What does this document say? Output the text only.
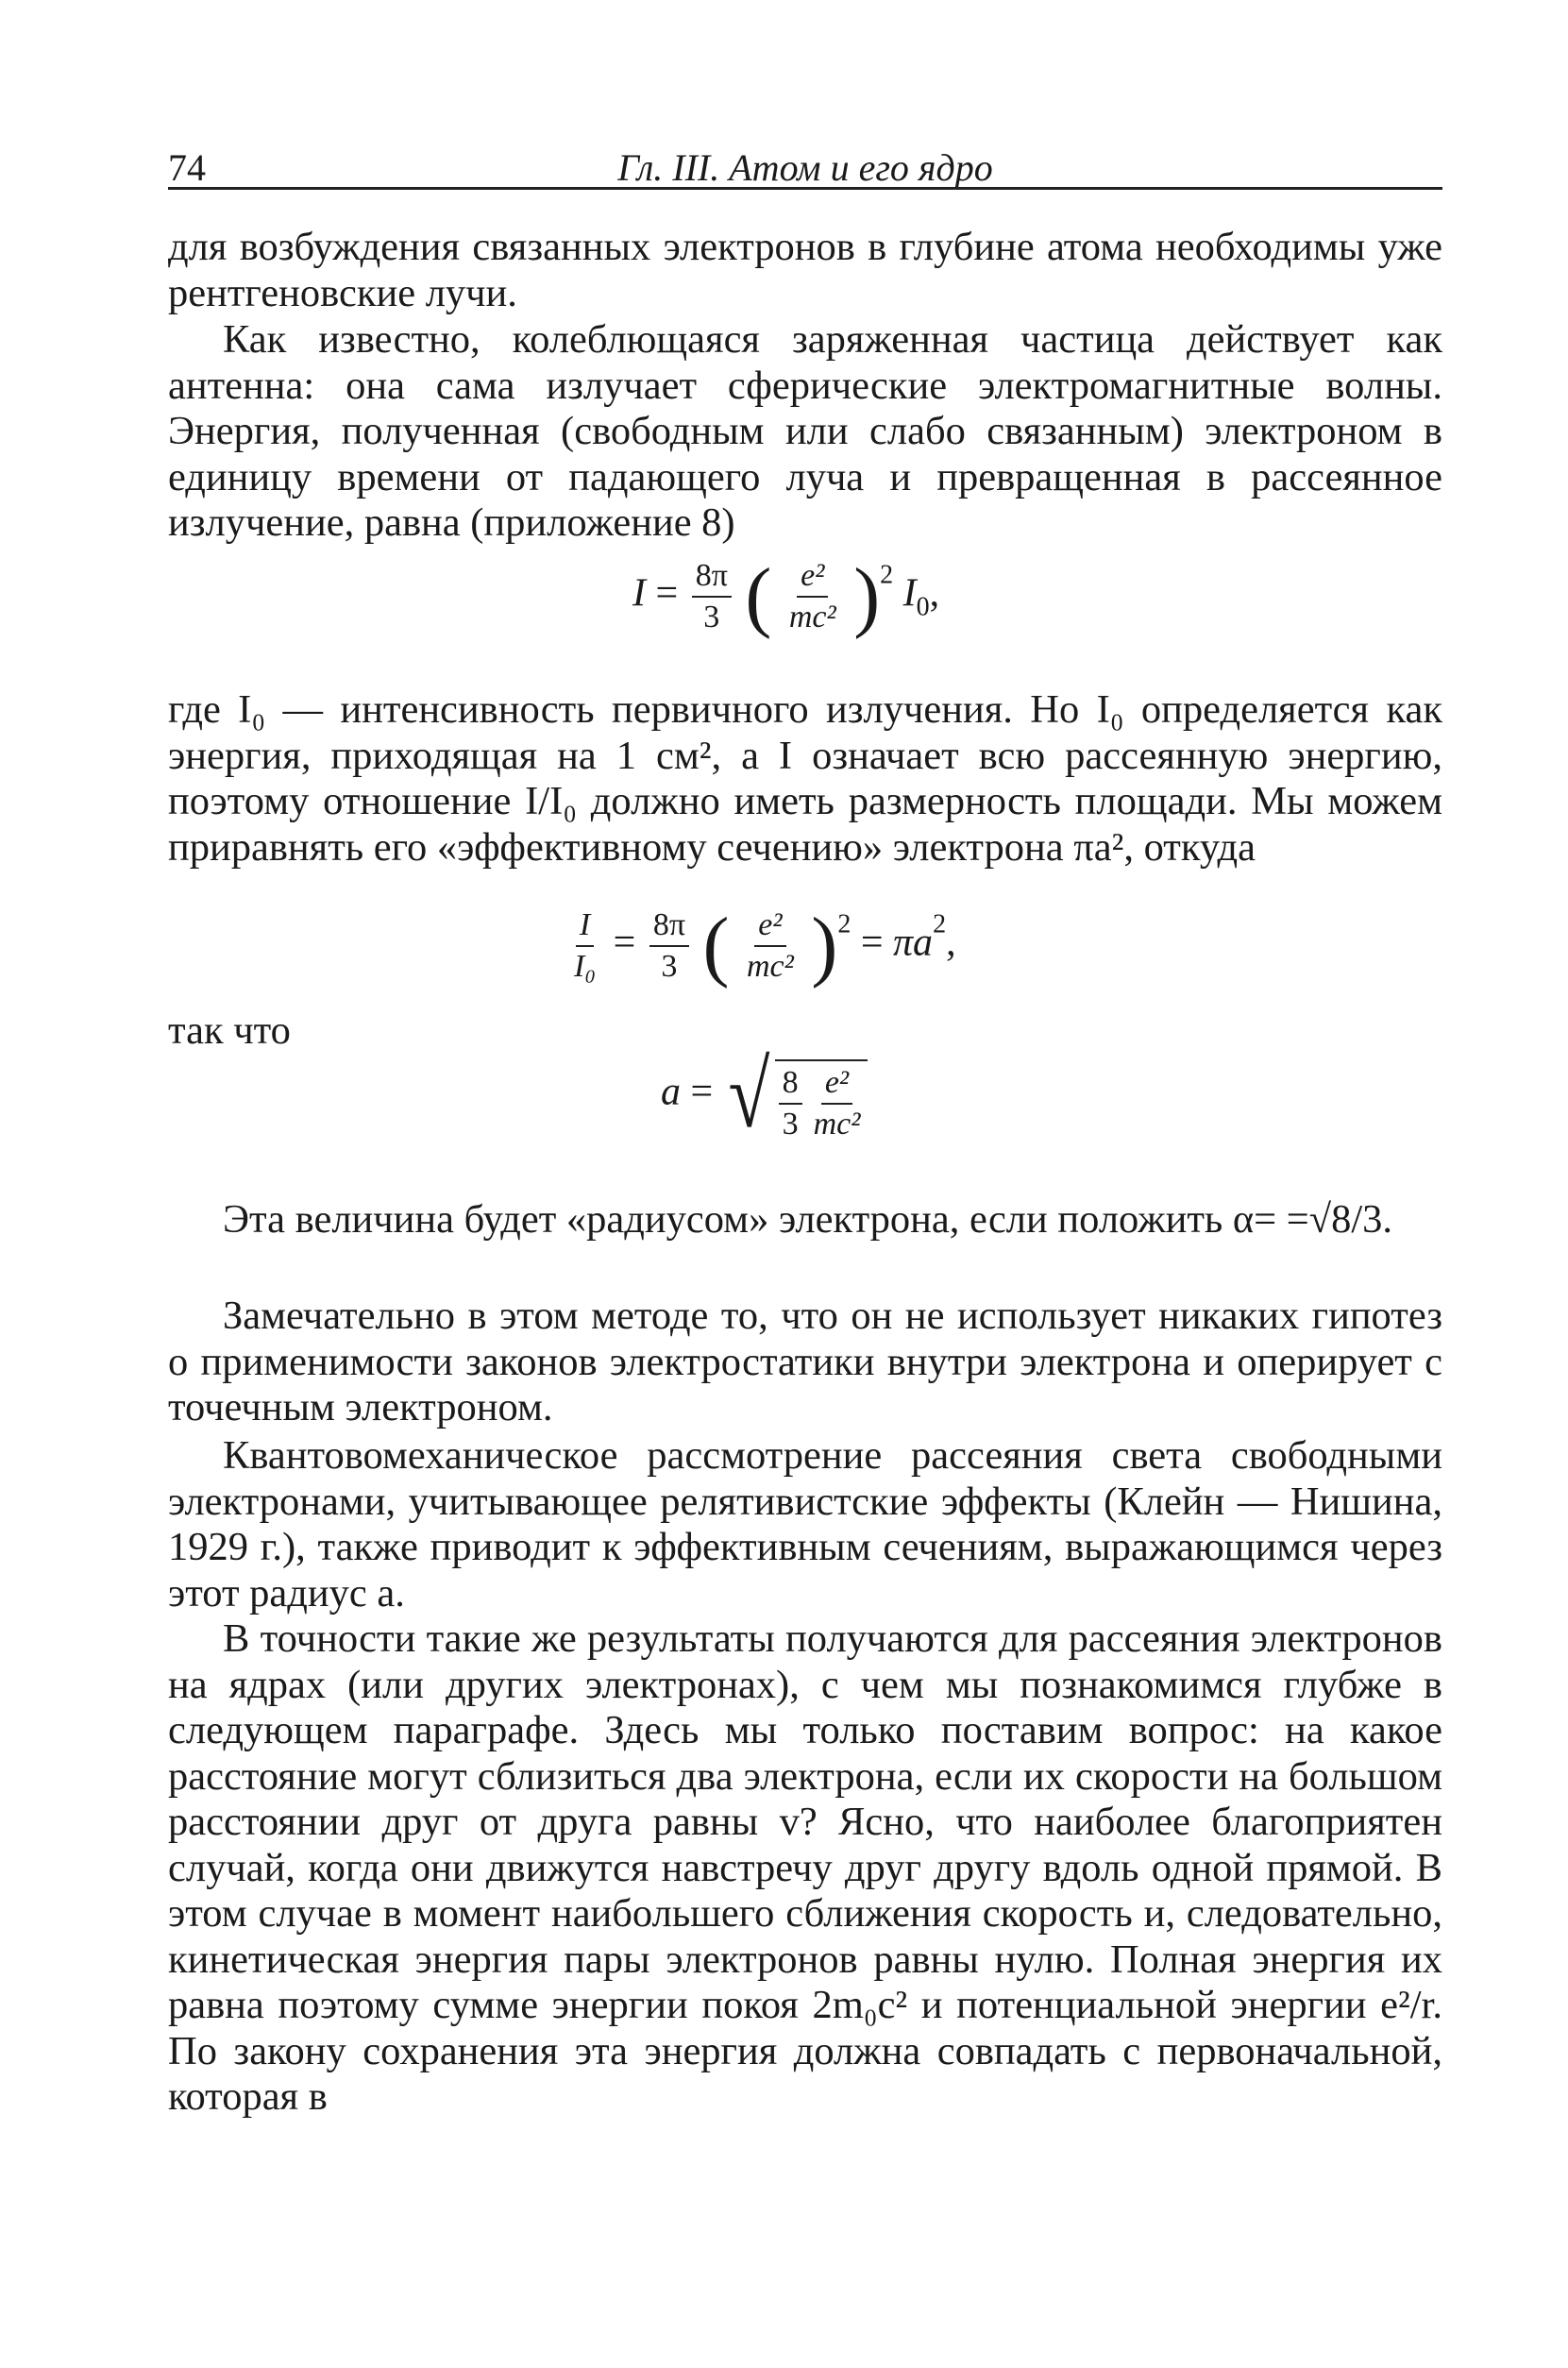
74	Гл. III. Атом и его ядро

для возбуждения связанных электронов в глубине атома необходимы уже рентгеновские лучи.

Как известно, колеблющаяся заряженная частица действует как антенна: она сама излучает сферические электромагнитные волны. Энергия, полученная (свободным или слабо связанным) электроном в единицу времени от падающего луча и превращенная в рассеянное излучение, равна (приложение 8)

$I = \frac{8\pi}{3}$ ( $\frac{\text{e²}}{\text{mc²}} )^2$ $I_0$,

где I₀ — интенсивность первичного излучения. Но I₀ определяется как энергия, приходящая на 1 см², а I означает всю рассеянную энергию, поэтому отношение I/I₀ должно иметь размерность площади. Мы можем приравнять его «эффективному сечению» электрона πa², откуда

$\frac{I}{\text{I₀}} = \frac{8\pi}{3}$ ( $\frac{\text{e²}}{\text{mc²}} )^2 = \pi a^2$,

так что

a = √ $\frac{8}{3} \frac{\text{e²}}{\text{mc²}}$

Эта величина будет «радиусом» электрона, если положить α= =√8/3.

Замечательно в этом методе то, что он не использует никаких гипотез о применимости законов электростатики внутри электрона и оперирует с точечным электроном.

Квантовомеханическое рассмотрение рассеяния света свободными электронами, учитывающее релятивистские эффекты (Клейн — Нишина, 1929 г.), также приводит к эффективным сечениям, выражающимся через этот радиус a.

В точности такие же результаты получаются для рассеяния электронов на ядрах (или других электронах), с чем мы познакомимся глубже в следующем параграфе. Здесь мы только поставим вопрос: на какое расстояние могут сблизиться два электрона, если их скорости на большом расстоянии друг от друга равны v? Ясно, что наиболее благоприятен случай, когда они движутся навстречу друг другу вдоль одной прямой. В этом случае в момент наибольшего сближения скорость и, следовательно, кинетическая энергия пары электронов равны нулю. Полная энергия их равна поэтому сумме энергии покоя 2m₀c² и потенциальной энергии e²/r. По закону сохранения эта энергия должна совпадать с первоначальной, которая в
